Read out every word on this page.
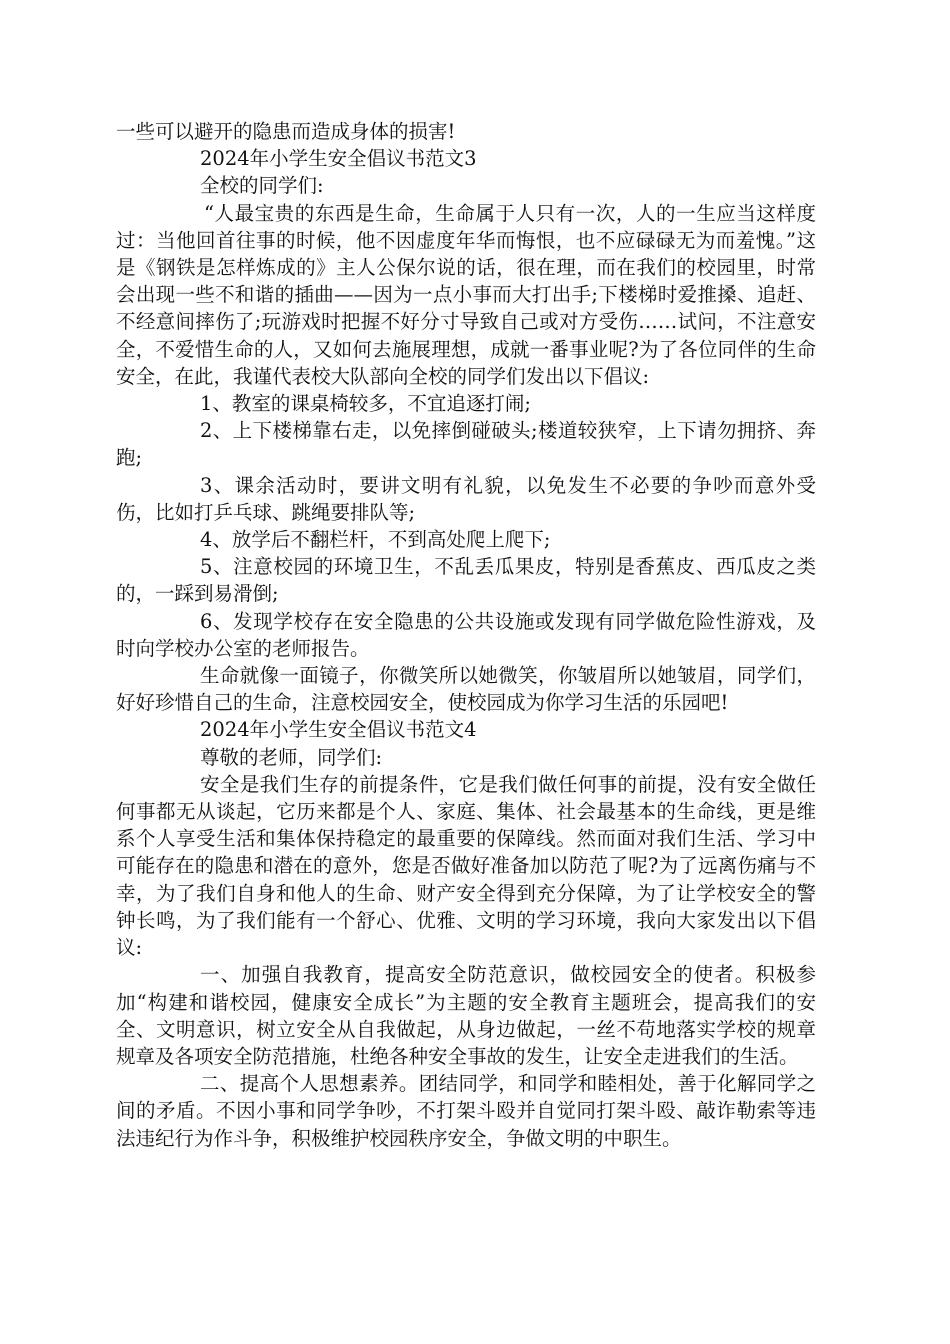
一些可以避开的隐患而造成身体的损害!

2024年小学生安全倡议书范文3

全校的同学们:

“人最宝贵的东西是生命，生命属于人只有一次，人的一生应当这样度过：当他回首往事的时候，他不因虚度年华而悔恨，也不应碌碌无为而羞愧。”这是《钢铁是怎样炼成的》主人公保尔说的话，很在理，而在我们的校园里，时常会出现一些不和谐的插曲——因为一点小事而大打出手;下楼梯时爱推搡、追赶、不经意间摔伤了;玩游戏时把握不好分寸导致自己或对方受伤……试问，不注意安全，不爱惜生命的人，又如何去施展理想，成就一番事业呢?为了各位同伴的生命安全，在此，我谨代表校大队部向全校的同学们发出以下倡议:

1、教室的课桌椅较多，不宜追逐打闹;

2、上下楼梯靠右走，以免摔倒碰破头;楼道较狭窄，上下请勿拥挤、奔跑;

3、课余活动时，要讲文明有礼貌，以免发生不必要的争吵而意外受伤，比如打乒乓球、跳绳要排队等;

4、放学后不翻栏杆，不到高处爬上爬下;

5、注意校园的环境卫生，不乱丢瓜果皮，特别是香蕉皮、西瓜皮之类的，一踩到易滑倒;

6、发现学校存在安全隐患的公共设施或发现有同学做危险性游戏，及时向学校办公室的老师报告。

生命就像一面镜子，你微笑所以她微笑，你皱眉所以她皱眉，同学们，好好珍惜自己的生命，注意校园安全，使校园成为你学习生活的乐园吧!

2024年小学生安全倡议书范文4

尊敬的老师，同学们:

安全是我们生存的前提条件，它是我们做任何事的前提，没有安全做任何事都无从谈起，它历来都是个人、家庭、集体、社会最基本的生命线，更是维系个人享受生活和集体保持稳定的最重要的保障线。然而面对我们生活、学习中可能存在的隐患和潜在的意外，您是否做好准备加以防范了呢?为了远离伤痛与不幸，为了我们自身和他人的生命、财产安全得到充分保障，为了让学校安全的警钟长鸣，为了我们能有一个舒心、优雅、文明的学习环境，我向大家发出以下倡议:

一、加强自我教育，提高安全防范意识，做校园安全的使者。积极参加“构建和谐校园，健康安全成长”为主题的安全教育主题班会，提高我们的安全、文明意识，树立安全从自我做起，从身边做起，一丝不苟地落实学校的规章规章及各项安全防范措施，杜绝各种安全事故的发生，让安全走进我们的生活。

二、提高个人思想素养。团结同学，和同学和睦相处，善于化解同学之间的矛盾。不因小事和同学争吵，不打架斗殴并自觉同打架斗殴、敲诈勒索等违法违纪行为作斗争，积极维护校园秩序安全，争做文明的中职生。
